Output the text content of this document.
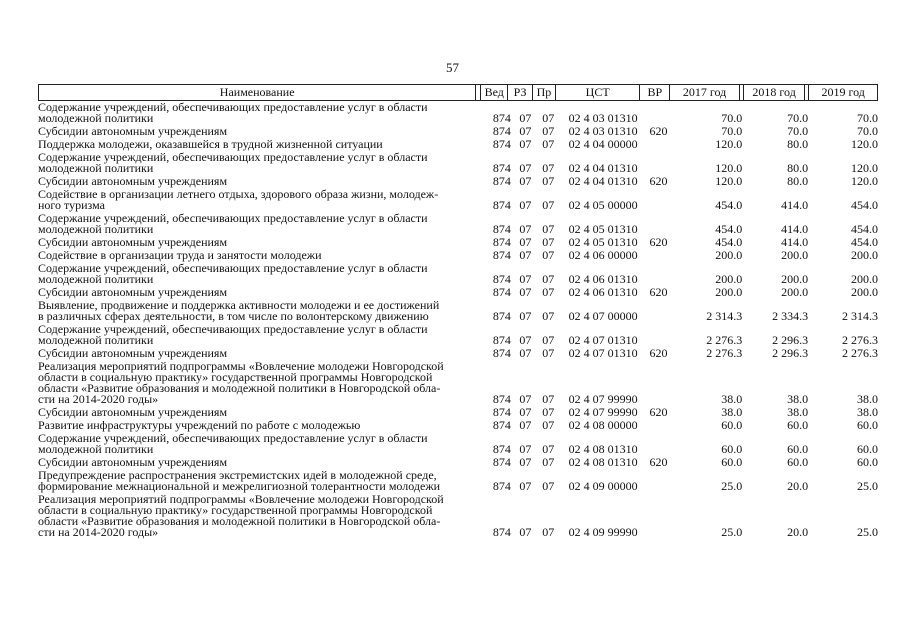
57
Наименование	Вед РЗ Пр	ЦСТ	ВР	2017 год	2018 год	2019 год
Содержание учреждений, обеспечивающих предоставление услуг в области
молодежной политики	874 07 07	02 4 03 01310	70.0	70.0	70.0
Субсидии автономным учреждениям	874 07 07	02 4 03 01310 620	70.0	70.0	70.0
Поддержка молодежи, оказавшейся в трудной жизненной ситуации	874 07 07	02 4 04 00000	120.0	80.0	120.0
Содержание учреждений, обеспечивающих предоставление услуг в области
молодежной политики	874 07 07	02 4 04 01310	120.0	80.0	120.0
Субсидии автономным учреждениям	874 07 07	02 4 04 01310 620	120.0	80.0	120.0
Содействие в организации летнего отдыха, здорового образа жизни, молодеж-
ного туризма	874 07 07	02 4 05 00000	454.0	414.0	454.0
Содержание учреждений, обеспечивающих предоставление услуг в области
молодежной политики	874 07 07	02 4 05 01310	454.0	414.0	454.0
Субсидии автономным учреждениям	874 07 07	02 4 05 01310 620	454.0	414.0	454.0
Содействие в организации труда и занятости молодежи	874 07 07	02 4 06 00000	200.0	200.0	200.0
Содержание учреждений, обеспечивающих предоставление услуг в области
молодежной политики	874 07 07	02 4 06 01310	200.0	200.0	200.0
Субсидии автономным учреждениям	874 07 07	02 4 06 01310 620	200.0	200.0	200.0
Выявление, продвижение и поддержка активности молодежи и ее достижений
в различных сферах деятельности, в том числе по волонтерскому движению	874 07 07	02 4 07 00000	2 314.3	2 334.3	2 314.3
Содержание учреждений, обеспечивающих предоставление услуг в области
молодежной политики	874 07 07	02 4 07 01310	2 276.3	2 296.3	2 276.3
Субсидии автономным учреждениям	874 07 07	02 4 07 01310 620	2 276.3	2 296.3	2 276.3
Реализация мероприятий подпрограммы «Вовлечение молодежи Новгородской
области в социальную практику» государственной программы Новгородской
области «Развитие образования и молодежной политики в Новгородской обла-
сти на 2014-2020 годы»	874 07 07	02 4 07 99990	38.0	38.0	38.0
Субсидии автономным учреждениям	874 07 07	02 4 07 99990 620	38.0	38.0	38.0
Развитие инфраструктуры учреждений по работе с молодежью	874 07 07	02 4 08 00000	60.0	60.0	60.0
Содержание учреждений, обеспечивающих предоставление услуг в области
молодежной политики	874 07 07	02 4 08 01310	60.0	60.0	60.0
Субсидии автономным учреждениям	874 07 07	02 4 08 01310 620	60.0	60.0	60.0
Предупреждение распространения экстремистских идей в молодежной среде,
формирование межнациональной и межрелигиозной толерантности молодежи	874 07 07	02 4 09 00000	25.0	20.0	25.0
Реализация мероприятий подпрограммы «Вовлечение молодежи Новгородской
области в социальную практику» государственной программы Новгородской
области «Развитие образования и молодежной политики в Новгородской обла-
сти на 2014-2020 годы»	874 07 07	02 4 09 99990	25.0	20.0	25.0
